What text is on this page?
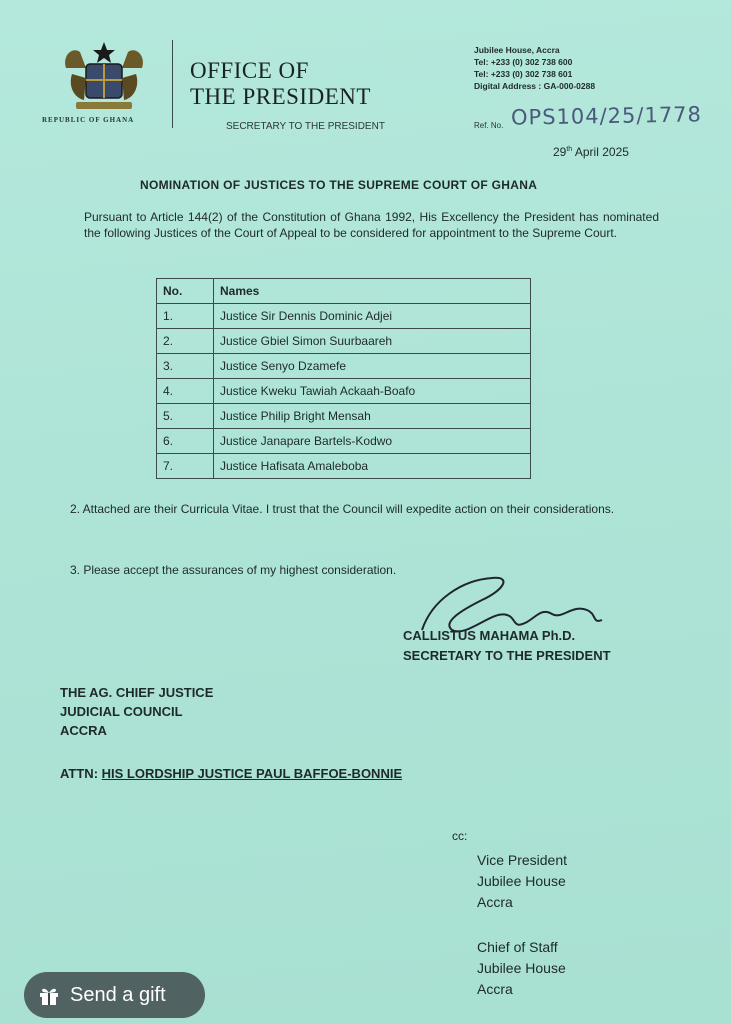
REPUBLIC OF GHANA
OFFICE OF
THE PRESIDENT
SECRETARY TO THE PRESIDENT
Jubilee House, Accra
Tel: +233 (0) 302 738 600
Tel: +233 (0) 302 738 601
Digital Address : GA-000-0288
Ref. No. OPS104/25/1778
29th April 2025
NOMINATION OF JUSTICES TO THE SUPREME COURT OF GHANA
Pursuant to Article 144(2) of the Constitution of Ghana 1992, His Excellency the President has nominated the following Justices of the Court of Appeal to be considered for appointment to the Supreme Court.
No.	Names
1.	Justice Sir Dennis Dominic Adjei
2.	Justice Gbiel Simon Suurbaareh
3.	Justice Senyo Dzamefe
4.	Justice Kweku Tawiah Ackaah-Boafo
5.	Justice Philip Bright Mensah
6.	Justice Janapare Bartels-Kodwo
7.	Justice Hafisata Amaleboba
2. Attached are their Curricula Vitae. I trust that the Council will expedite action on their considerations.
3. Please accept the assurances of my highest consideration.
CALLISTUS MAHAMA Ph.D.
SECRETARY TO THE PRESIDENT
THE AG. CHIEF JUSTICE
JUDICIAL COUNCIL
ACCRA
ATTN: HIS LORDSHIP JUSTICE PAUL BAFFOE-BONNIE
cc:
Vice President
Jubilee House
Accra
Chief of Staff
Jubilee House
Accra
Send a gift
